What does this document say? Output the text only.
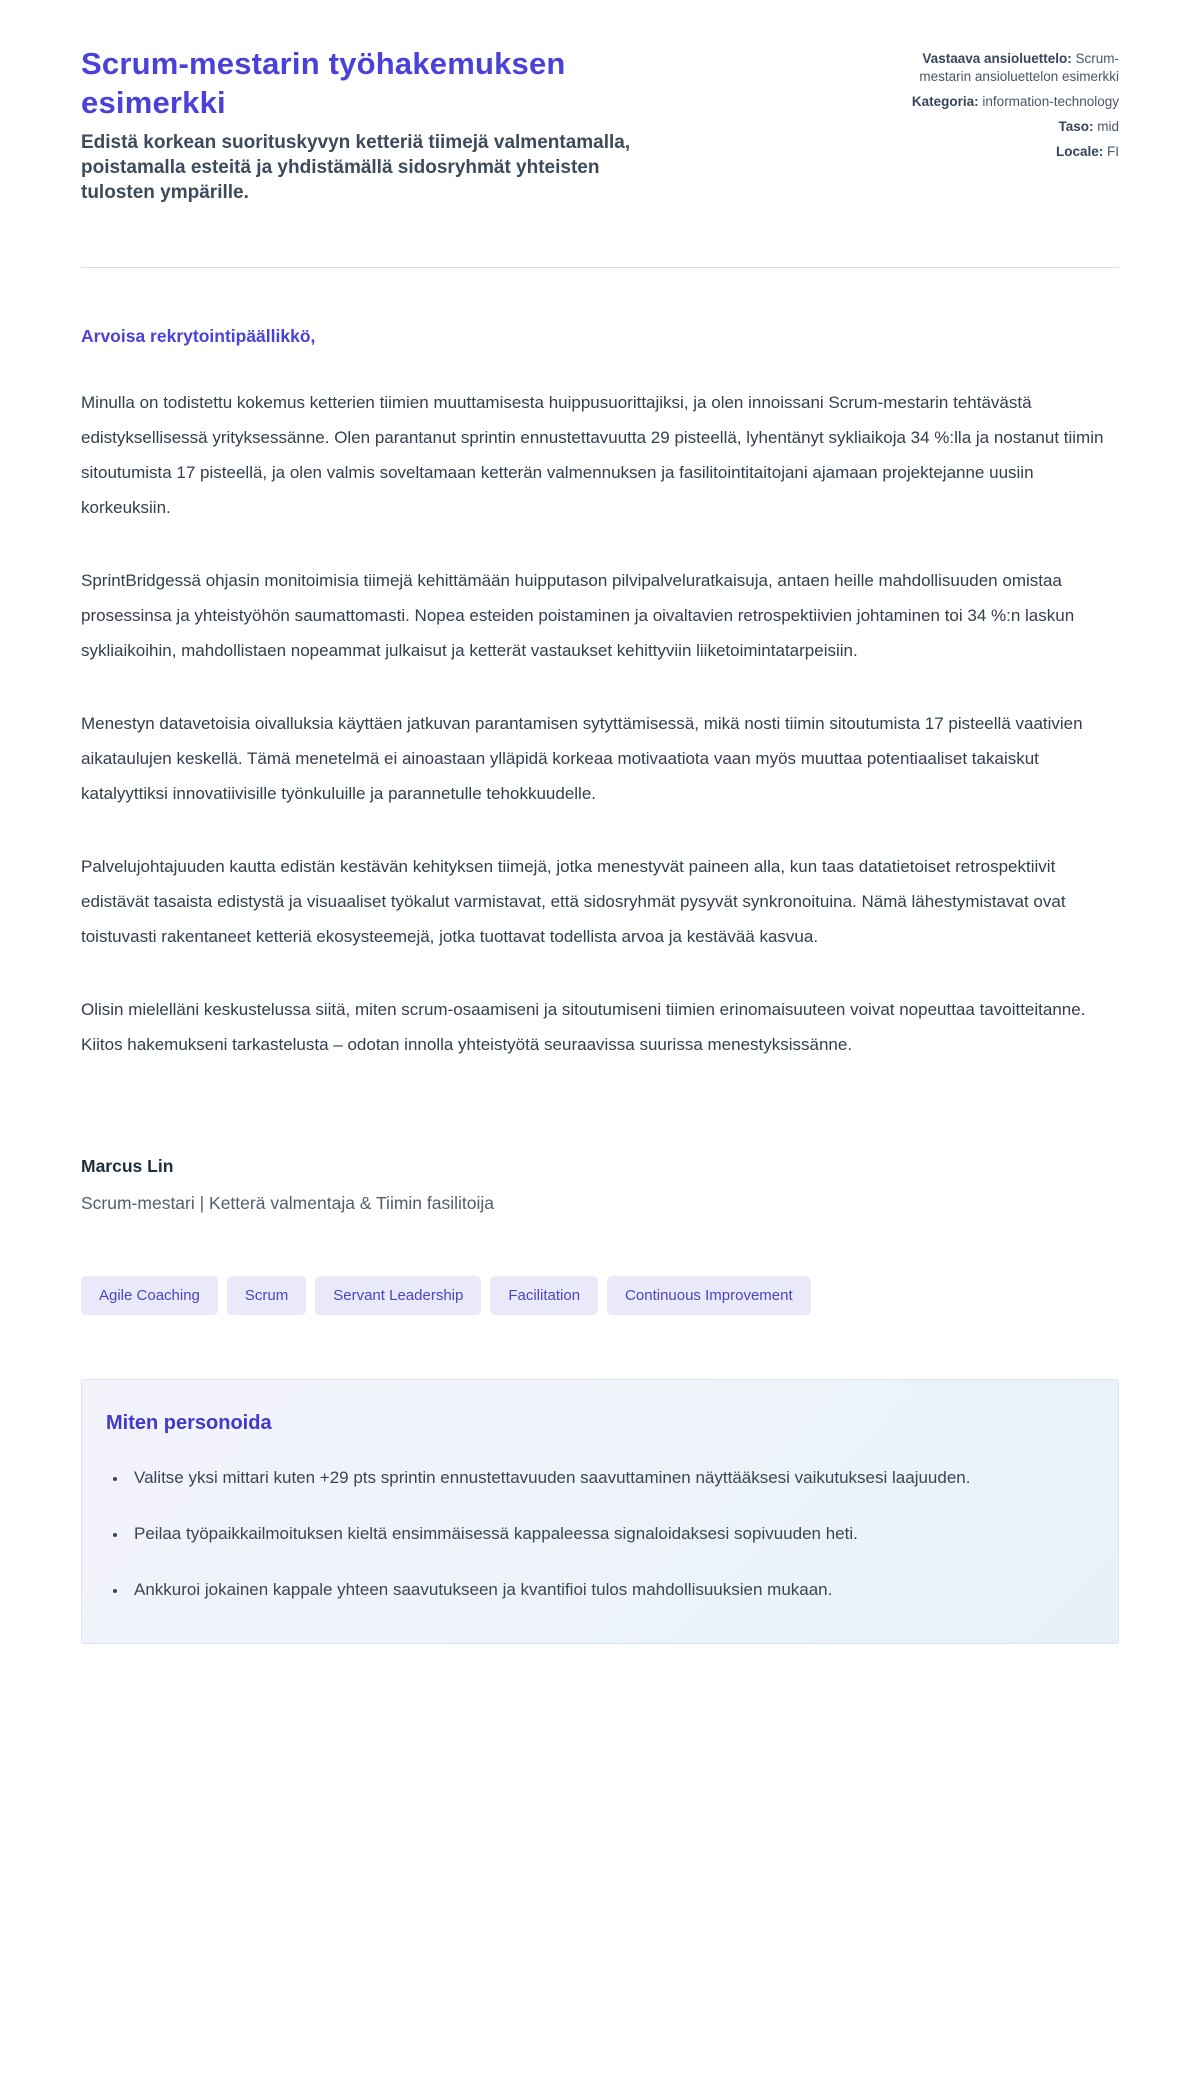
Scrum-mestarin työhakemuksen esimerkki

Edistä korkean suorituskyvyn ketteriä tiimejä valmentamalla, poistamalla esteitä ja yhdistämällä sidosryhmät yhteisten tulosten ympärille.

Vastaava ansioluettelo: Scrum-mestarin ansioluettelon esimerkki
Kategoria: information-technology
Taso: mid
Locale: FI

Arvoisa rekrytointipäällikkö,

Minulla on todistettu kokemus ketterien tiimien muuttamisesta huippusuorittajiksi, ja olen innoissani Scrum-mestarin tehtävästä edistyksellisessä yrityksessänne. Olen parantanut sprintin ennustettavuutta 29 pisteellä, lyhentänyt sykliaikoja 34 %:lla ja nostanut tiimin sitoutumista 17 pisteellä, ja olen valmis soveltamaan ketterän valmennuksen ja fasilitointitaitojani ajamaan projektejanne uusiin korkeuksiin.

SprintBridgessä ohjasin monitoimisia tiimejä kehittämään huipputason pilvipalveluratkaisuja, antaen heille mahdollisuuden omistaa prosessinsa ja yhteistyöhön saumattomasti. Nopea esteiden poistaminen ja oivaltavien retrospektiivien johtaminen toi 34 %:n laskun sykliaikoihin, mahdollistaen nopeammat julkaisut ja ketterät vastaukset kehittyviin liiketoimintatarpeisiin.

Menestyn datavetoisia oivalluksia käyttäen jatkuvan parantamisen sytyttämisessä, mikä nosti tiimin sitoutumista 17 pisteellä vaativien aikataulujen keskellä. Tämä menetelmä ei ainoastaan ylläpidä korkeaa motivaatiota vaan myös muuttaa potentiaaliset takaiskut katalyyttiksi innovatiivisille työnkuluille ja parannetulle tehokkuudelle.

Palvelujohtajuuden kautta edistän kestävän kehityksen tiimejä, jotka menestyvät paineen alla, kun taas datatietoiset retrospektiivit edistävät tasaista edistystä ja visuaaliset työkalut varmistavat, että sidosryhmät pysyvät synkronoituina. Nämä lähestymistavat ovat toistuvasti rakentaneet ketteriä ekosysteemejä, jotka tuottavat todellista arvoa ja kestävää kasvua.

Olisin mielelläni keskustelussa siitä, miten scrum-osaamiseni ja sitoutumiseni tiimien erinomaisuuteen voivat nopeuttaa tavoitteitanne. Kiitos hakemukseni tarkastelusta – odotan innolla yhteistyötä seuraavissa suurissa menestyksissänne.

Marcus Lin

Scrum-mestari | Ketterä valmentaja & Tiimin fasilitoija

Agile Coaching	Scrum	Servant Leadership	Facilitation	Continuous Improvement
Miten personoida
• Valitse yksi mittari kuten +29 pts sprintin ennustettavuuden saavuttaminen näyttääksesi vaikutuksesi laajuuden.
• Peilaa työpaikkailmoituksen kieltä ensimmäisessä kappaleessa signaloidaksesi sopivuuden heti.
• Ankkuroi jokainen kappale yhteen saavutukseen ja kvantifioi tulos mahdollisuuksien mukaan.
